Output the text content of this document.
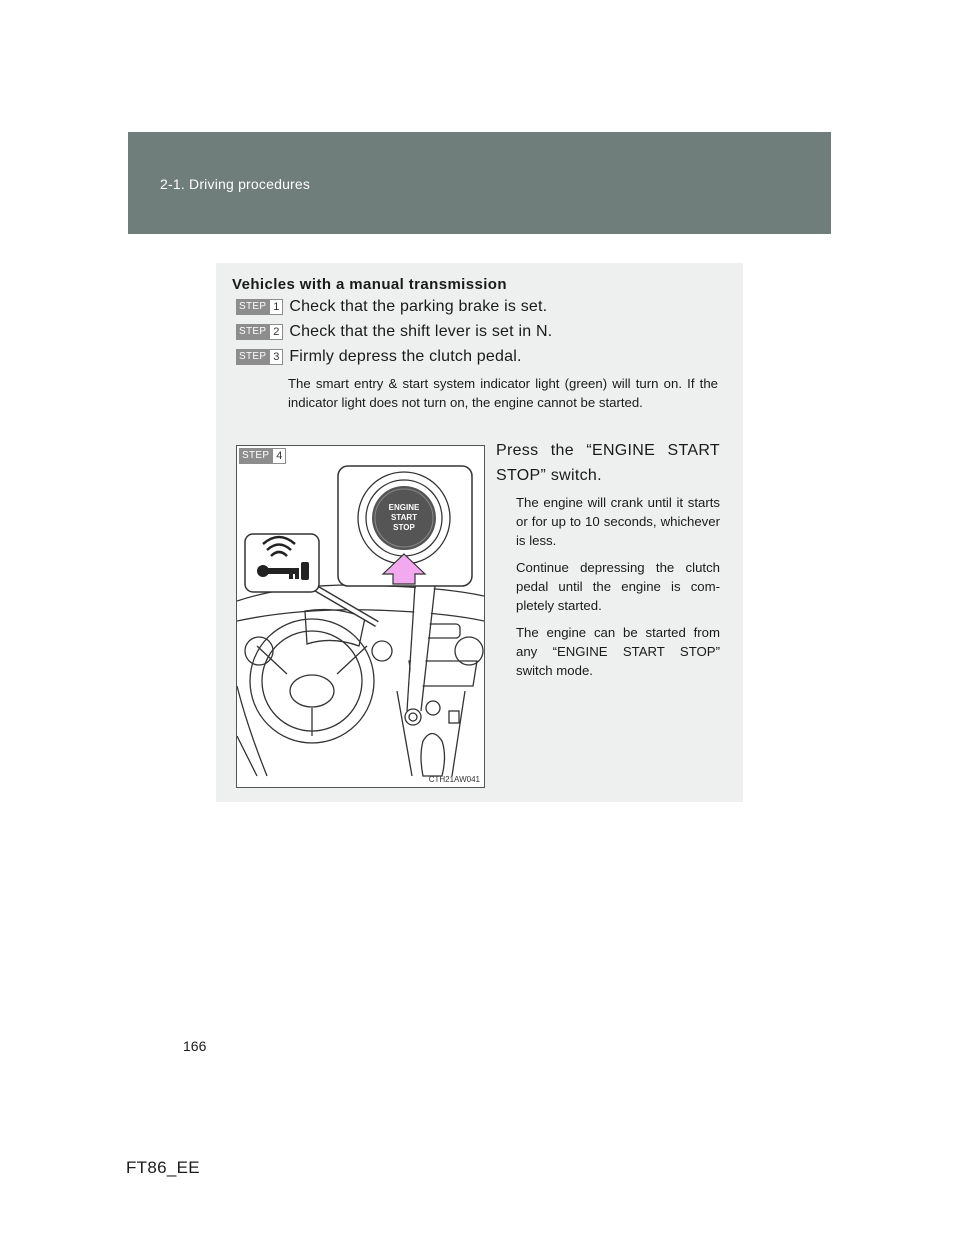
2-1. Driving procedures
Vehicles with a manual transmission
STEP 1 Check that the parking brake is set.
STEP 2 Check that the shift lever is set in N.
STEP 3 Firmly depress the clutch pedal.
The smart entry & start system indicator light (green) will turn on. If the indicator light does not turn on, the engine cannot be started.
STEP 4
ENGINE
START
STOP
CTH21AW041
Press the “ENGINE START STOP” switch.
The engine will crank until it starts or for up to 10 seconds, whichever is less.
Continue depressing the clutch pedal until the engine is com-pletely started.
The engine can be started from any “ENGINE START STOP” switch mode.
166
FT86_EE
